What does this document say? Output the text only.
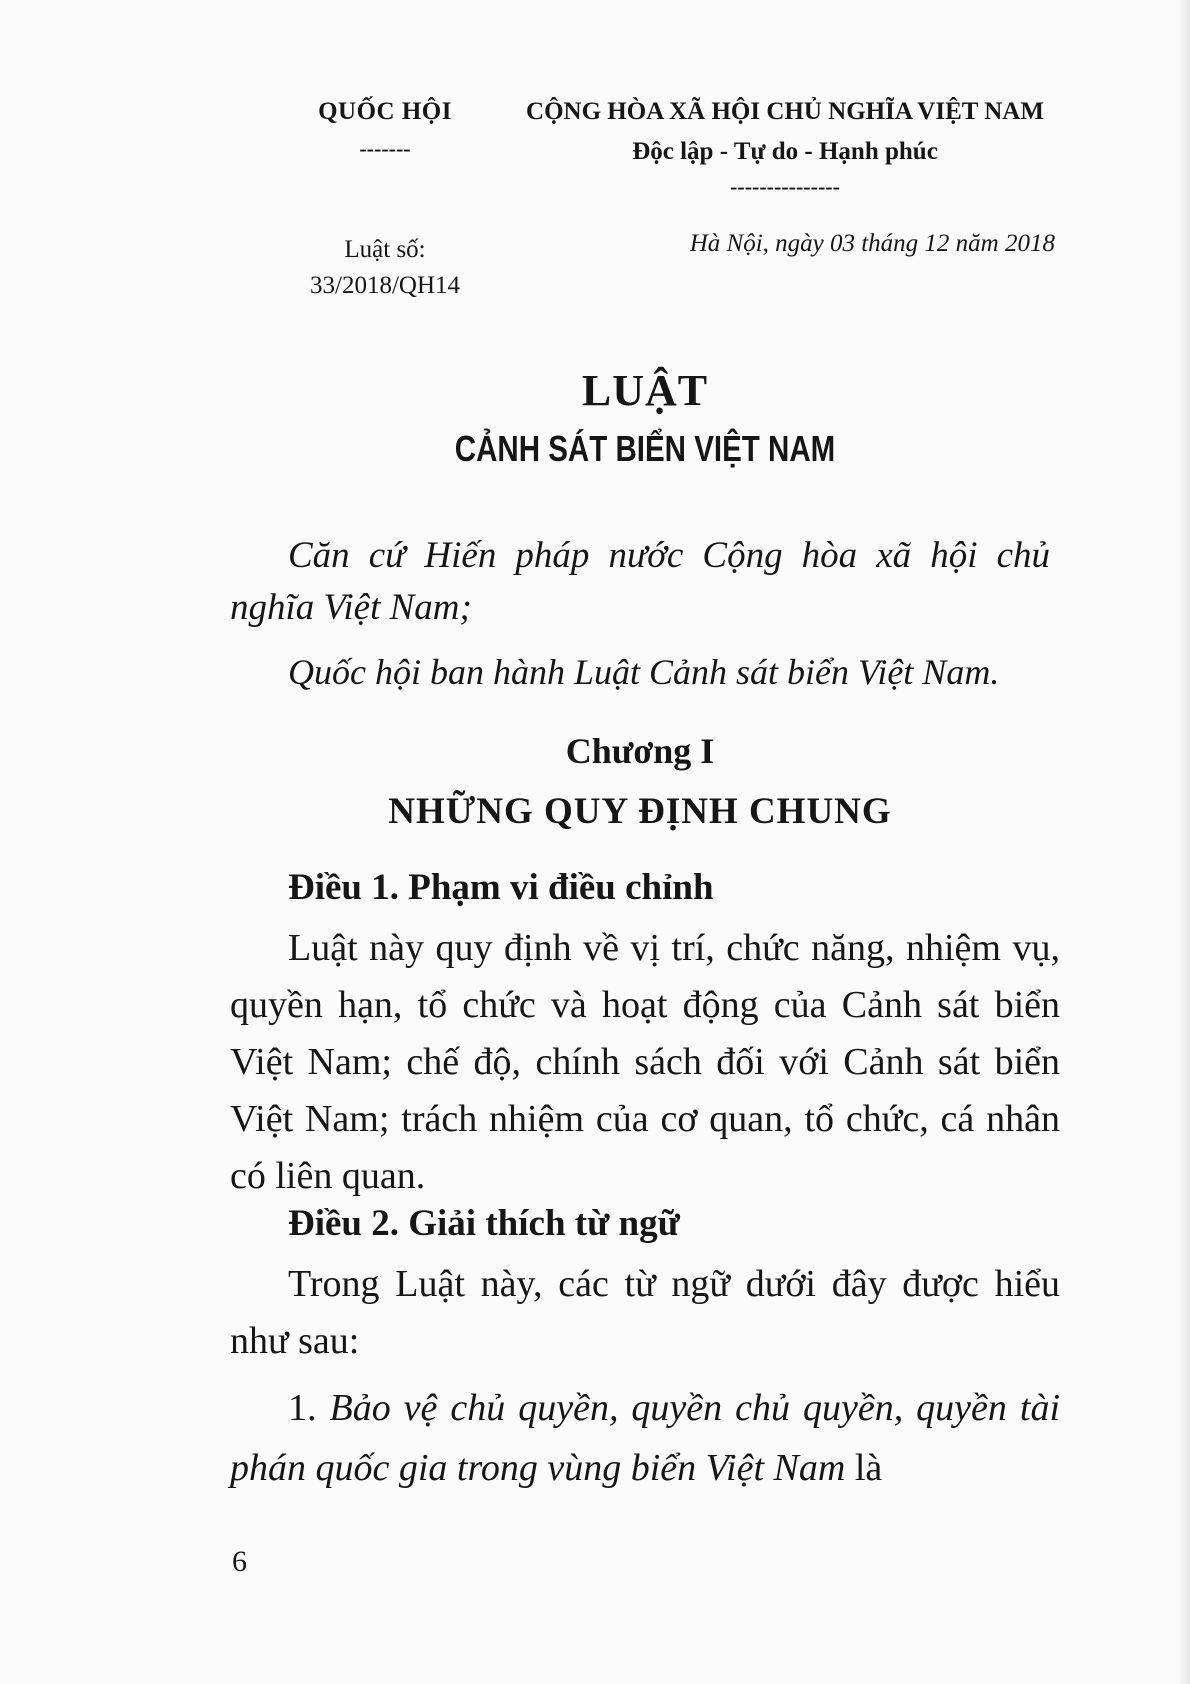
QUỐC HỘI
-------
CỘNG HÒA XÃ HỘI CHỦ NGHĨA VIỆT NAM
Độc lập - Tự do - Hạnh phúc
---------------
Luật số:
33/2018/QH14
Hà Nội, ngày 03 tháng 12 năm 2018
LUẬT
CẢNH SÁT BIỂN VIỆT NAM
Căn cứ Hiến pháp nước Cộng hòa xã hội chủ nghĩa Việt Nam;
Quốc hội ban hành Luật Cảnh sát biển Việt Nam.
Chương I
NHỮNG QUY ĐỊNH CHUNG
Điều 1. Phạm vi điều chỉnh
Luật này quy định về vị trí, chức năng, nhiệm vụ, quyền hạn, tổ chức và hoạt động của Cảnh sát biển Việt Nam; chế độ, chính sách đối với Cảnh sát biển Việt Nam; trách nhiệm của cơ quan, tổ chức, cá nhân có liên quan.
Điều 2. Giải thích từ ngữ
Trong Luật này, các từ ngữ dưới đây được hiểu như sau:
1. Bảo vệ chủ quyền, quyền chủ quyền, quyền tài phán quốc gia trong vùng biển Việt Nam là
6
